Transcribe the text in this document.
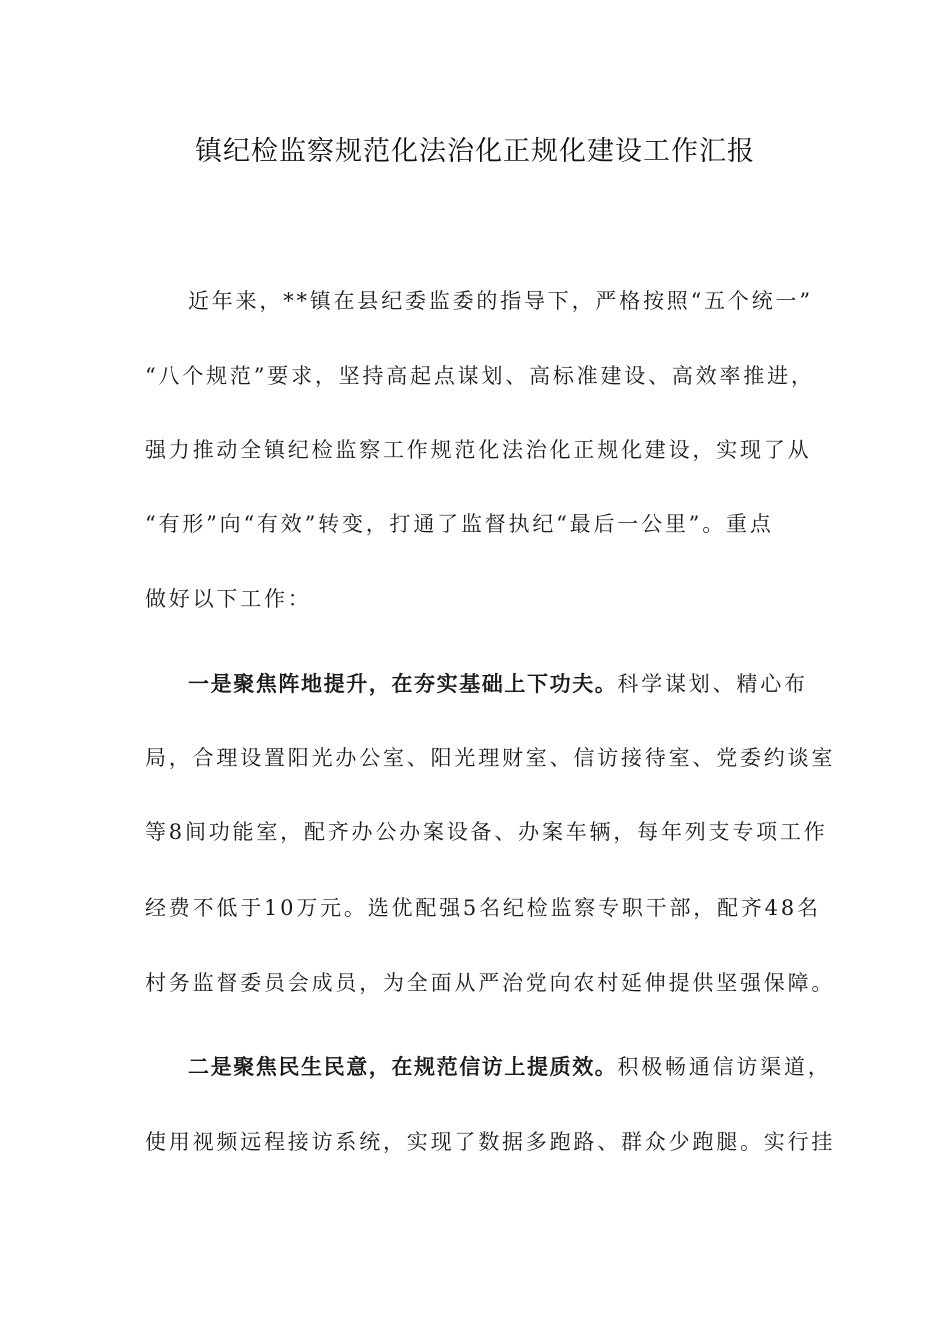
镇纪检监察规范化法治化正规化建设工作汇报
近年来，**镇在县纪委监委的指导下，严格按照“五个统一”
“八个规范”要求，坚持高起点谋划、高标准建设、高效率推进，
强力推动全镇纪检监察工作规范化法治化正规化建设，实现了从
“有形”向“有效”转变，打通了监督执纪“最后一公里”。重点
做好以下工作：
一是聚焦阵地提升，在夯实基础上下功夫。科学谋划、精心布
局，合理设置阳光办公室、阳光理财室、信访接待室、党委约谈室
等8间功能室，配齐办公办案设备、办案车辆，每年列支专项工作
经费不低于10万元。选优配强5名纪检监察专职干部，配齐48名
村务监督委员会成员，为全面从严治党向农村延伸提供坚强保障。
二是聚焦民生民意，在规范信访上提质效。积极畅通信访渠道，
使用视频远程接访系统，实现了数据多跑路、群众少跑腿。实行挂
